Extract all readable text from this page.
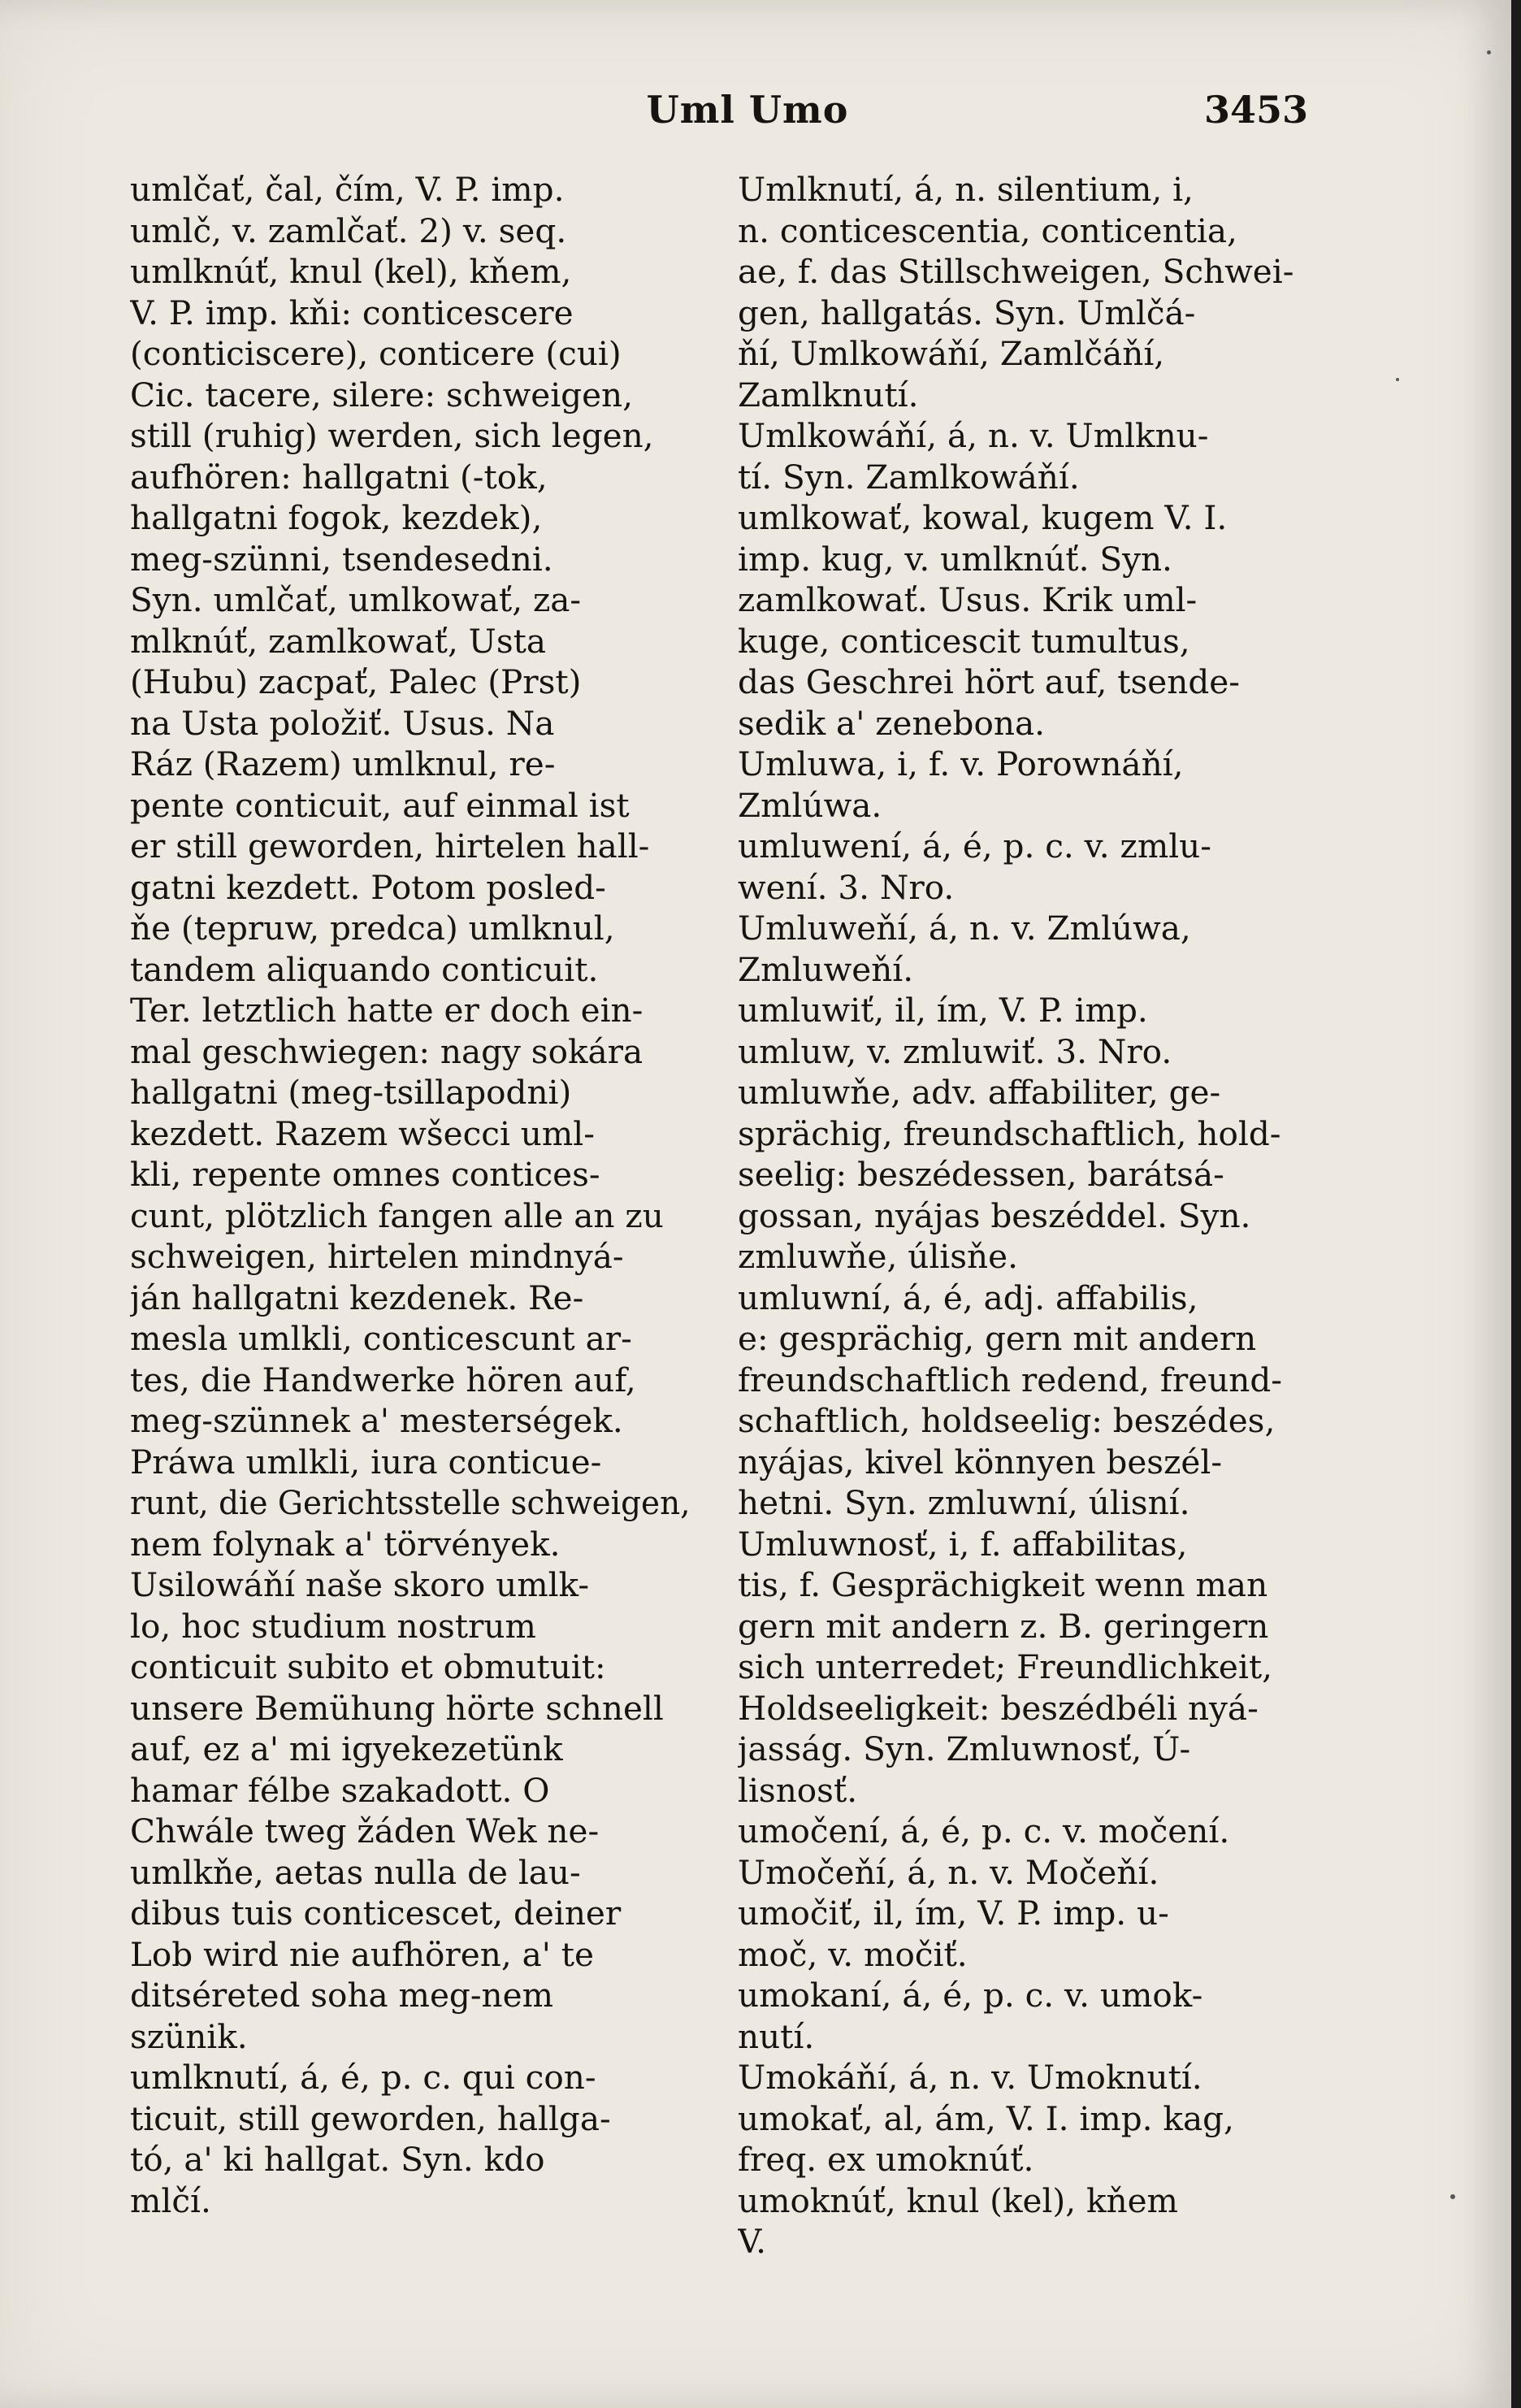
Uml Umo	3453
umlčať, čal, čím, V. P. imp.
umlč, v. zamlčať. 2) v. seq.
umlknúť, knul (kel), kňem,
V. P. imp. kňi: conticescere
(conticiscere), conticere (cui)
Cic. tacere, silere: schweigen,
still (ruhig) werden, sich legen,
aufhören: hallgatni (-tok,
hallgatni fogok, kezdek),
meg-szünni, tsendesedni.
Syn. umlčať, umlkowať, za-
mlknúť, zamlkowať, Usta
(Hubu) zacpať, Palec (Prst)
na Usta položiť. Usus. Na
Ráz (Razem) umlknul, re-
pente conticuit, auf einmal ist
er still geworden, hirtelen hall-
gatni kezdett. Potom posled-
ňe (tepruw, predca) umlknul,
tandem aliquando conticuit.
Ter. letztlich hatte er doch ein-
mal geschwiegen: nagy sokára
hallgatni (meg-tsillapodni)
kezdett. Razem wšecci uml-
kli, repente omnes contices-
cunt, plötzlich fangen alle an zu
schweigen, hirtelen mindnyá-
ján hallgatni kezdenek. Re-
mesla umlkli, conticescunt ar-
tes, die Handwerke hören auf,
meg-szünnek a' mesterségek.
Práwa umlkli, iura conticue-
runt, die Gerichtsstelle schweigen,
nem folynak a' törvények.
Usilowáňí naše skoro umlk-
lo, hoc studium nostrum
conticuit subito et obmutuit:
unsere Bemühung hörte schnell
auf, ez a' mi igyekezetünk
hamar félbe szakadott. O
Chwále tweg žáden Wek ne-
umlkňe, aetas nulla de lau-
dibus tuis conticescet, deiner
Lob wird nie aufhören, a' te
ditséreted soha meg-nem
szünik.
umlknutí, á, é, p. c. qui con-
ticuit, still geworden, hallga-
tó, a' ki hallgat. Syn. kdo
mlčí.
Umlknutí, á, n. silentium, i,
n. conticescentia, conticentia,
ae, f. das Stillschweigen, Schwei-
gen, hallgatás. Syn. Umlčá-
ňí, Umlkowáňí, Zamlčáňí,
Zamlknutí.
Umlkowáňí, á, n. v. Umlknu-
tí. Syn. Zamlkowáňí.
umlkowať, kowal, kugem V. I.
imp. kug, v. umlknúť. Syn.
zamlkowať. Usus. Krik uml-
kuge, conticescit tumultus,
das Geschrei hört auf, tsende-
sedik a' zenebona.
Umluwa, i, f. v. Porownáňí,
Zmlúwa.
umluwení, á, é, p. c. v. zmlu-
wení. 3. Nro.
Umluweňí, á, n. v. Zmlúwa,
Zmluweňí.
umluwiť, il, ím, V. P. imp.
umluw, v. zmluwiť. 3. Nro.
umluwňe, adv. affabiliter, ge-
sprächig, freundschaftlich, hold-
seelig: beszédessen, barátsá-
gossan, nyájas beszéddel. Syn.
zmluwňe, úlisňe.
umluwní, á, é, adj. affabilis,
e: gesprächig, gern mit andern
freundschaftlich redend, freund-
schaftlich, holdseelig: beszédes,
nyájas, kivel könnyen beszél-
hetni. Syn. zmluwní, úlisní.
Umluwnosť, i, f. affabilitas,
tis, f. Gesprächigkeit wenn man
gern mit andern z. B. geringern
sich unterredet; Freundlichkeit,
Holdseeligkeit: beszédbéli nyá-
jasság. Syn. Zmluwnosť, Ú-
lisnosť.
umočení, á, é, p. c. v. močení.
Umočeňí, á, n. v. Močeňí.
umočiť, il, ím, V. P. imp. u-
moč, v. močiť.
umokaní, á, é, p. c. v. umok-
nutí.
Umokáňí, á, n. v. Umoknutí.
umokať, al, ám, V. I. imp. kag,
freq. ex umoknúť.
umoknúť, knul (kel), kňem
V.
